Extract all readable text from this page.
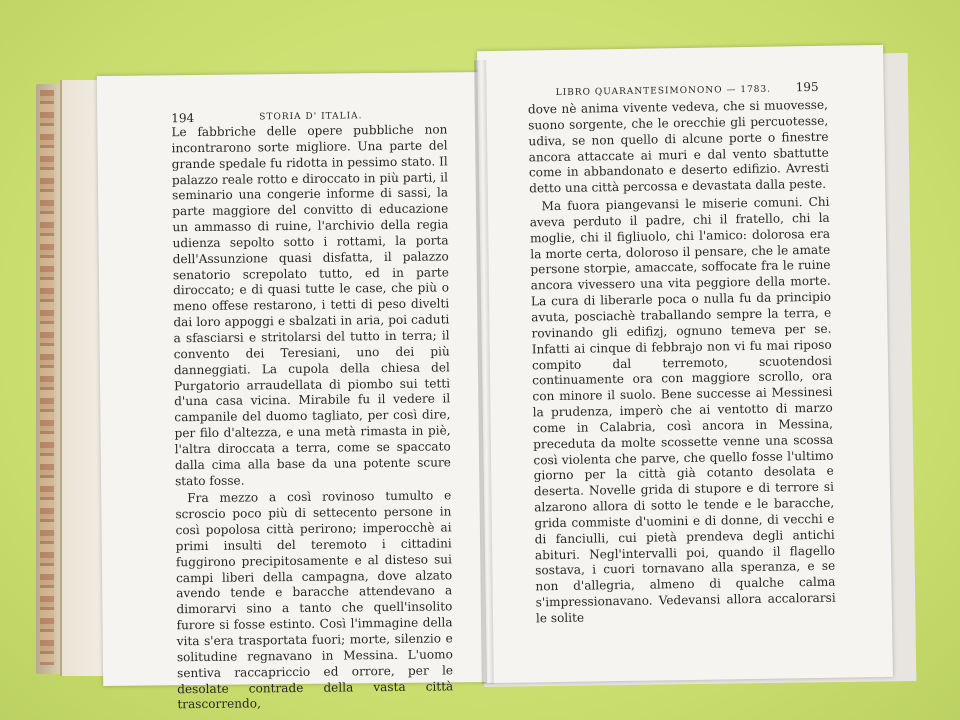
194	STORIA D' ITALIA.

Le fabbriche delle opere pubbliche non incontrarono sorte migliore. Una parte del grande spedale fu ridotta in pessimo stato. Il palazzo reale rotto e diroccato in più parti, il seminario una congerie informe di sassi, la parte maggiore del convitto di educazione un ammasso di ruine, l'archivio della regia udienza sepolto sotto i rottami, la porta dell'Assunzione quasi disfatta, il palazzo senatorio screpolato tutto, ed in parte diroccato; e di quasi tutte le case, che più o meno offese restarono, i tetti di peso divelti dai loro appoggi e sbalzati in aria, poi caduti a sfasciarsi e stritolarsi del tutto in terra; il convento dei Teresiani, uno dei più danneggiati. La cupola della chiesa del Purgatorio arraudellata di piombo sui tetti d'una casa vicina. Mirabile fu il vedere il campanile del duomo tagliato, per così dire, per filo d'altezza, e una metà rimasta in piè, l'altra diroccata a terra, come se spaccato dalla cima alla base da una potente scure stato fosse.

Fra mezzo a così rovinoso tumulto e scroscio poco più di settecento persone in così popolosa città perirono; imperocchè ai primi insulti del teremoto i cittadini fuggirono precipitosamente e al disteso sui campi liberi della campagna, dove alzato avendo tende e baracche attendevano a dimorarvi sino a tanto che quell'insolito furore si fosse estinto. Così l'immagine della vita s'era trasportata fuori; morte, silenzio e solitudine regnavano in Messina. L'uomo sentiva raccapriccio ed orrore, per le desolate contrade della vasta città trascorrendo,

LIBRO QUARANTESIMONONO — 1783. 195

dove nè anima vivente vedeva, che si muovesse, suono sorgente, che le orecchie gli percuotesse, udiva, se non quello di alcune porte o finestre ancora attaccate ai muri e dal vento sbattutte come in abbandonato e deserto edifizio. Avresti detto una città percossa e devastata dalla peste.

Ma fuora piangevansi le miserie comuni. Chi aveva perduto il padre, chi il fratello, chi la moglie, chi il figliuolo, chi l'amico: dolorosa era la morte certa, doloroso il pensare, che le amate persone storpie, amaccate, soffocate fra le ruine ancora vivessero una vita peggiore della morte. La cura di liberarle poca o nulla fu da principio avuta, posciachè traballando sempre la terra, e rovinando gli edifizj, ognuno temeva per se. Infatti ai cinque di febbrajo non vi fu mai riposo compito dal terremoto, scuotendosi continuamente ora con maggiore scrollo, ora con minore il suolo. Bene successe ai Messinesi la prudenza, imperò che ai ventotto di marzo come in Calabria, così ancora in Messina, preceduta da molte scossette venne una scossa così violenta che parve, che quello fosse l'ultimo giorno per la città già cotanto desolata e deserta. Novelle grida di stupore e di terrore si alzarono allora di sotto le tende e le baracche, grida commiste d'uomini e di donne, di vecchi e di fanciulli, cui pietà prendeva degli antichi abituri. Negl'intervalli poi, quando il flagello sostava, i cuori tornavano alla speranza, e se non d'allegria, almeno di qualche calma s'impressionavano. Vedevansi allora accalorarsi le solite
